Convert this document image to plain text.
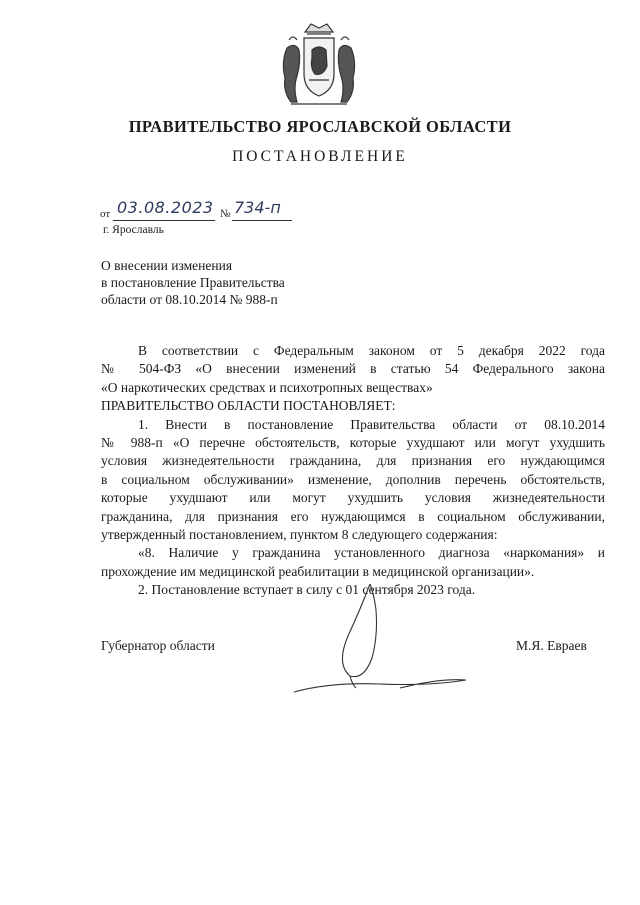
ПРАВИТЕЛЬСТВО ЯРОСЛАВСКОЙ ОБЛАСТИ
ПОСТАНОВЛЕНИЕ
от 03.08.2023 № 734-п
г. Ярославль
О внесении изменения
в постановление Правительства
области от 08.10.2014 № 988-п

В соответствии с Федеральным законом от 5 декабря 2022 года

№ 504-ФЗ «О внесении изменений в статью 54 Федерального закона

«О наркотических средствах и психотропных веществах»

ПРАВИТЕЛЬСТВО ОБЛАСТИ ПОСТАНОВЛЯЕТ:

1. Внести в постановление Правительства области от 08.10.2014

№ 988-п «О перечне обстоятельств, которые ухудшают или могут ухудшить

условия жизнедеятельности гражданина, для признания его нуждающимся

в социальном обслуживании» изменение, дополнив перечень обстоятельств,

которые ухудшают или могут ухудшить условия жизнедеятельности

гражданина, для признания его нуждающимся в социальном обслуживании,

утвержденный постановлением, пунктом 8 следующего содержания:

«8. Наличие у гражданина установленного диагноза «наркомания» и

прохождение им медицинской реабилитации в медицинской организации».

2. Постановление вступает в силу с 01 сентября 2023 года.

Губернатор области	М.Я. Евраев
